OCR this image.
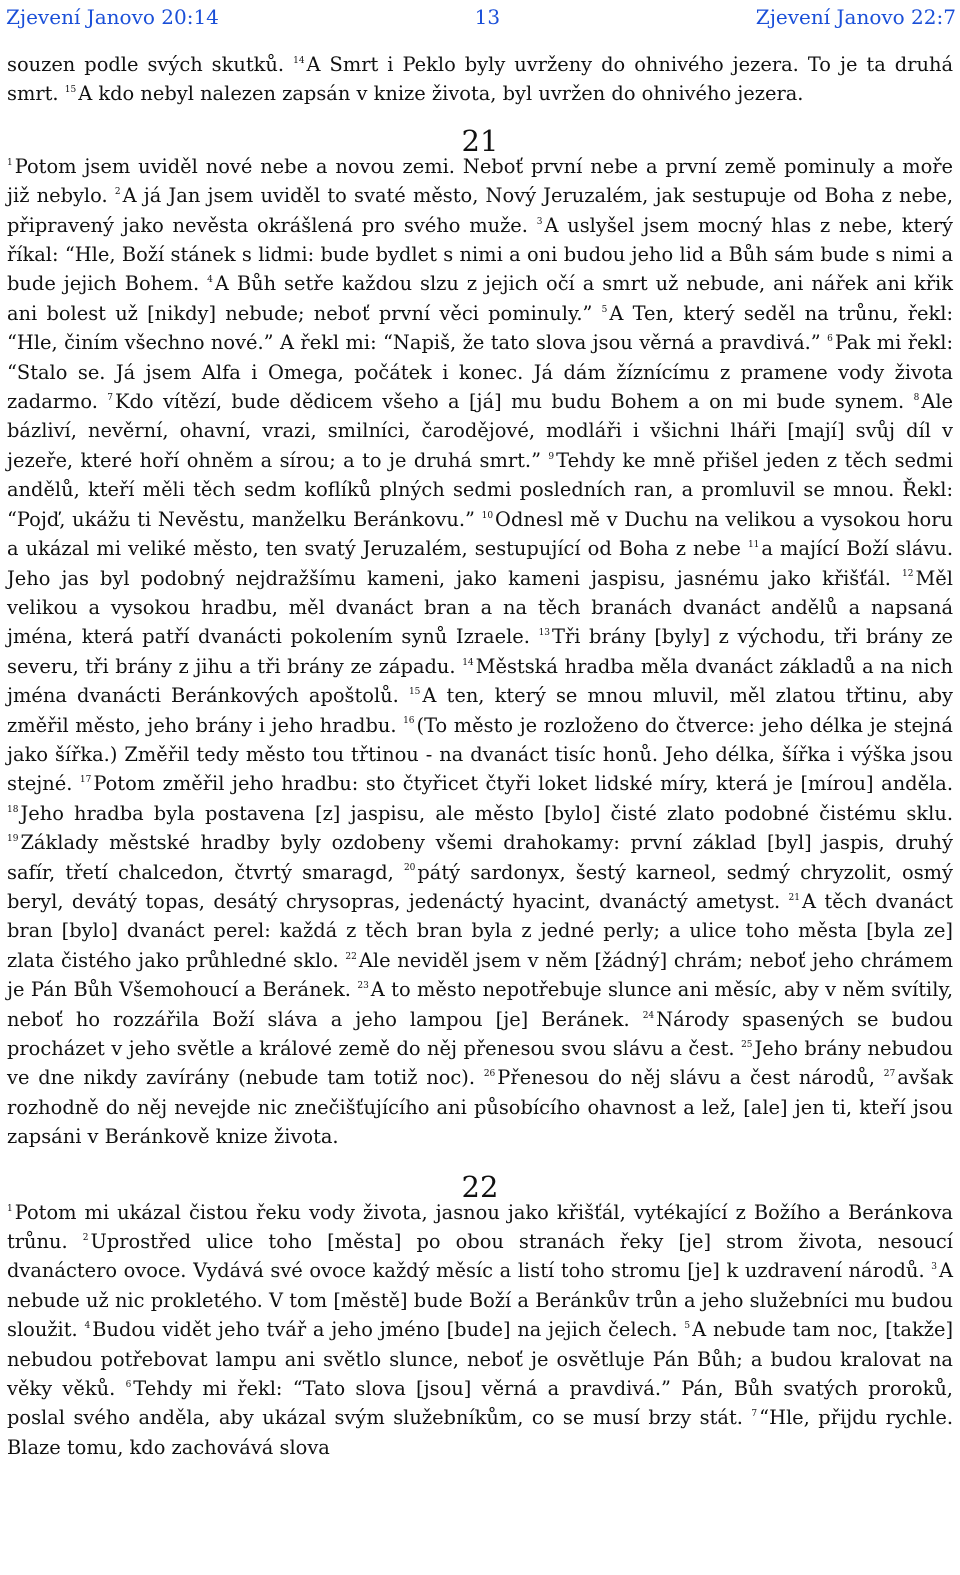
Zjevení Janovo 20:14	13	Zjevení Janovo 22:7

souzen podle svých skutků. $^{14}$ A Smrt i Peklo byly uvrženy do ohnivého jezera. To je ta druhá smrt. $^{15}$ A kdo nebyl nalezen zapsán v knize života, byl uvržen do ohnivého jezera.

21

$^1$ Potom jsem uviděl nové nebe a novou zemi. Neboť první nebe a první země pominuly a moře již nebylo. $^2$ A já Jan jsem uviděl to svaté město, Nový Jeruzalém, jak sestupuje od Boha z nebe, připravený jako nevěsta okrášlená pro svého muže. $^3$ A uslyšel jsem mocný hlas z nebe, který říkal: “Hle, Boží stánek s lidmi: bude bydlet s nimi a oni budou jeho lid a Bůh sám bude s nimi a bude jejich Bohem. $^4$ A Bůh setře každou slzu z jejich očí a smrt už nebude, ani nářek ani křik ani bolest už [nikdy] nebude; neboť první věci pominuly.” $^5$ A Ten, který seděl na trůnu, řekl: “Hle, činím všechno nové.” A řekl mi: “Napiš, že tato slova jsou věrná a pravdivá.” $^6$ Pak mi řekl: “Stalo se. Já jsem Alfa i Omega, počátek i konec. Já dám žíznícímu z pramene vody života zadarmo. $^7$ Kdo vítězí, bude dědicem všeho a [já] mu budu Bohem a on mi bude synem. $^8$ Ale bázliví, nevěrní, ohavní, vrazi, smilníci, čarodějové, modláři i všichni lháři [mají] svůj díl v jezeře, které hoří ohněm a sírou; a to je druhá smrt.” $^9$ Tehdy ke mně přišel jeden z těch sedmi andělů, kteří měli těch sedm koflíků plných sedmi posledních ran, a promluvil se mnou. Řekl: “Pojď, ukážu ti Nevěstu, manželku Beránkovu.” $^{10}$ Odnesl mě v Duchu na velikou a vysokou horu a ukázal mi veliké město, ten svatý Jeruzalém, sestupující od Boha z nebe $^{11}$ a mající Boží slávu. Jeho jas byl podobný nejdražšímu kameni, jako kameni jaspisu, jasnému jako křišťál. $^{12}$ Měl velikou a vysokou hradbu, měl dvanáct bran a na těch branách dvanáct andělů a napsaná jména, která patří dvanácti pokolením synů Izraele. $^{13}$ Tři brány [byly] z východu, tři brány ze severu, tři brány z jihu a tři brány ze západu. $^{14}$ Městská hradba měla dvanáct základů a na nich jména dvanácti Beránkových apoštolů. $^{15}$ A ten, který se mnou mluvil, měl zlatou třtinu, aby změřil město, jeho brány i jeho hradbu. $^{16}$ (To město je rozloženo do čtverce: jeho délka je stejná jako šířka.) Změřil tedy město tou třtinou - na dvanáct tisíc honů. Jeho délka, šířka i výška jsou stejné. $^{17}$ Potom změřil jeho hradbu: sto čtyřicet čtyři loket lidské míry, která je [mírou] anděla. $^{18}$ Jeho hradba byla postavena [z] jaspisu, ale město [bylo] čisté zlato podobné čistému sklu. $^{19}$ Základy městské hradby byly ozdobeny všemi drahokamy: první základ [byl] jaspis, druhý safír, třetí chalcedon, čtvrtý smaragd, $^{20}$ pátý sardonyx, šestý karneol, sedmý chryzolit, osmý beryl, devátý topas, desátý chrysopras, jedenáctý hyacint, dvanáctý ametyst. $^{21}$ A těch dvanáct bran [bylo] dvanáct perel: každá z těch bran byla z jedné perly; a ulice toho města [byla ze] zlata čistého jako průhledné sklo. $^{22}$ Ale neviděl jsem v něm [žádný] chrám; neboť jeho chrámem je Pán Bůh Všemohoucí a Beránek. $^{23}$ A to město nepotřebuje slunce ani měsíc, aby v něm svítily, neboť ho rozzářila Boží sláva a jeho lampou [je] Beránek. $^{24}$ Národy spasených se budou procházet v jeho světle a králové země do něj přenesou svou slávu a čest. $^{25}$ Jeho brány nebudou ve dne nikdy zavírány (nebude tam totiž noc). $^{26}$ Přenesou do něj slávu a čest národů, $^{27}$ avšak rozhodně do něj nevejde nic znečišťujícího ani působícího ohavnost a lež, [ale] jen ti, kteří jsou zapsáni v Beránkově knize života.

22

$^1$ Potom mi ukázal čistou řeku vody života, jasnou jako křišťál, vytékající z Božího a Beránkova trůnu. $^2$ Uprostřed ulice toho [města] po obou stranách řeky [je] strom života, nesoucí dvanáctero ovoce. Vydává své ovoce každý měsíc a listí toho stromu [je] k uzdravení národů. $^3$ A nebude už nic prokletého. V tom [městě] bude Boží a Beránkův trůn a jeho služebníci mu budou sloužit. $^4$ Budou vidět jeho tvář a jeho jméno [bude] na jejich čelech. $^5$ A nebude tam noc, [takže] nebudou potřebovat lampu ani světlo slunce, neboť je osvětluje Pán Bůh; a budou kralovat na věky věků. $^6$ Tehdy mi řekl: “Tato slova [jsou] věrná a pravdivá.” Pán, Bůh svatých proroků, poslal svého anděla, aby ukázal svým služebníkům, co se musí brzy stát. $^7$ “Hle, přijdu rychle. Blaze tomu, kdo zachovává slova
